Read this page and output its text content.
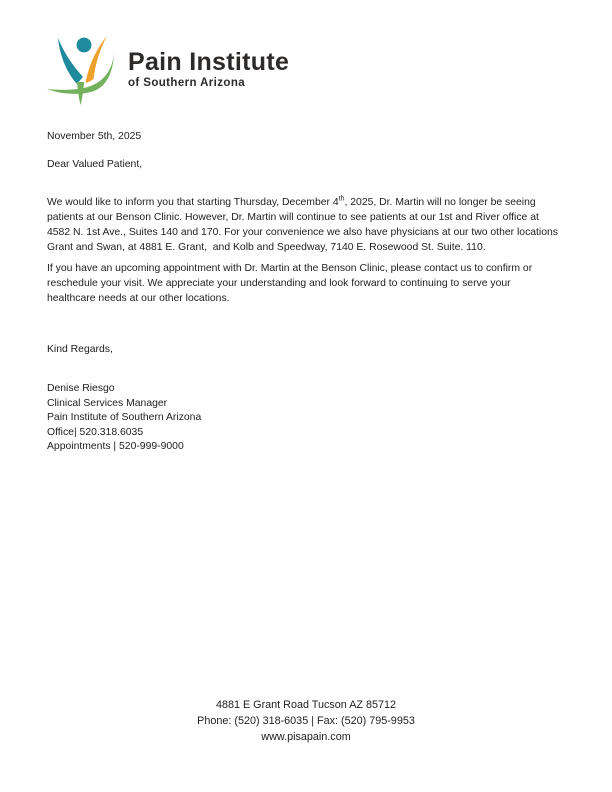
Pain Institute
of Southern Arizona
November 5th, 2025
Dear Valued Patient,
We would like to inform you that starting Thursday, December 4th, 2025, Dr. Martin will no longer be seeing
patients at our Benson Clinic. However, Dr. Martin will continue to see patients at our 1st and River office at
4582 N. 1st Ave., Suites 140 and 170. For your convenience we also have physicians at our two other locations
Grant and Swan, at 4881 E. Grant,  and Kolb and Speedway, 7140 E. Rosewood St. Suite. 110.
If you have an upcoming appointment with Dr. Martin at the Benson Clinic, please contact us to confirm or
reschedule your visit. We appreciate your understanding and look forward to continuing to serve your
healthcare needs at our other locations.
Kind Regards,
Denise Riesgo
Clinical Services Manager
Pain Institute of Southern Arizona
Office| 520.318.6035
Appointments | 520-999-9000
4881 E Grant Road Tucson AZ 85712
Phone: (520) 318-6035 | Fax: (520) 795-9953
www.pisapain.com
